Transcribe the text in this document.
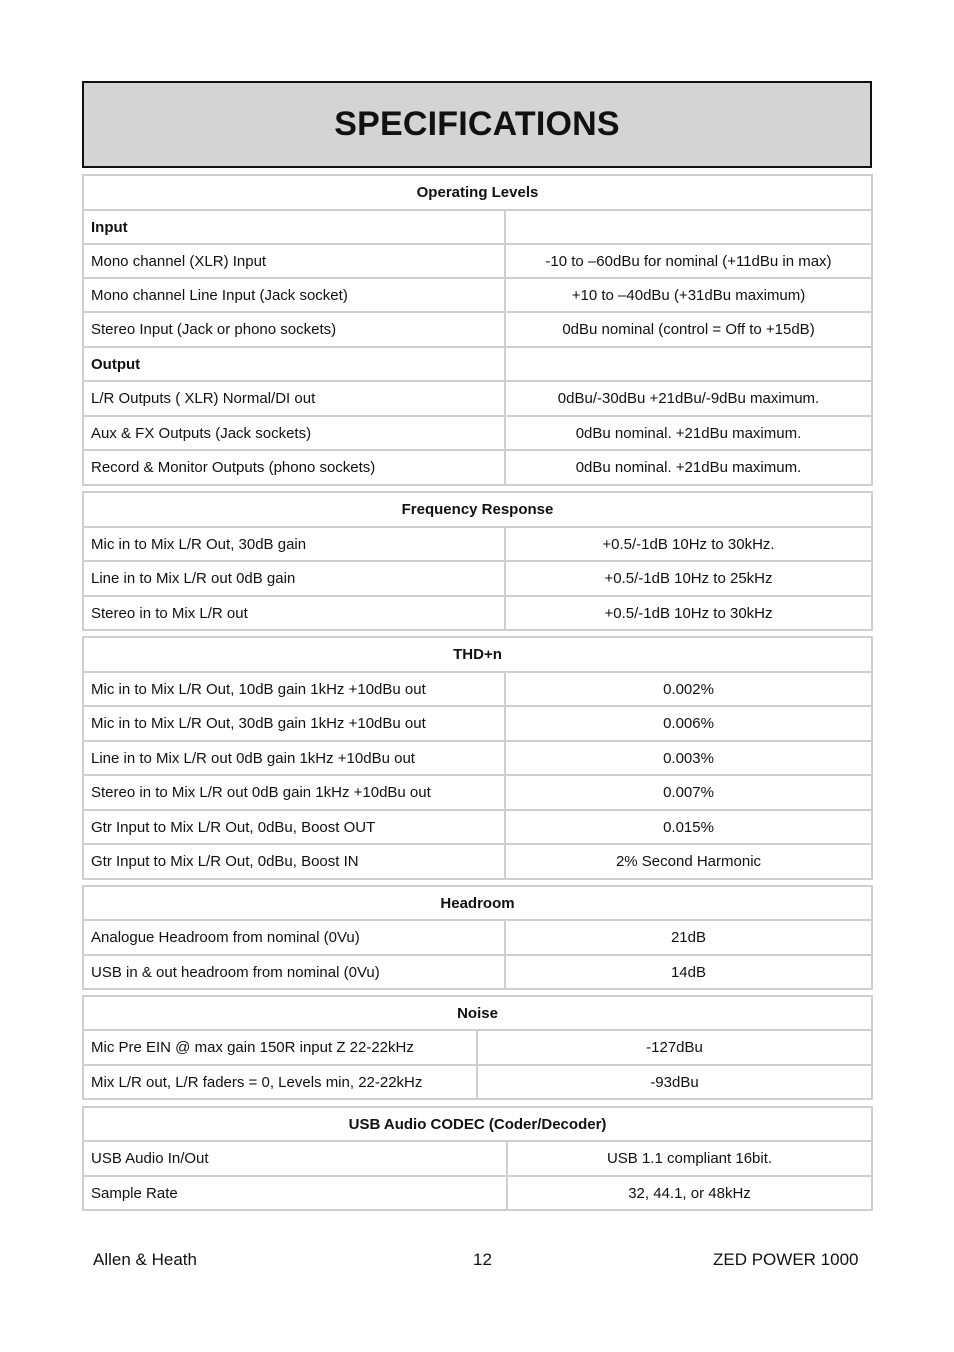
SPECIFICATIONS
Operating Levels	
Input	
Mono channel (XLR) Input	-10 to –60dBu for nominal (+11dBu in max)
Mono channel Line Input (Jack socket)	+10 to –40dBu (+31dBu maximum)
Stereo Input (Jack or phono sockets)	0dBu nominal (control = Off to +15dB)
Output	
L/R Outputs ( XLR) Normal/DI out	0dBu/-30dBu +21dBu/-9dBu maximum.
Aux & FX Outputs (Jack sockets)	0dBu nominal. +21dBu maximum.
Record & Monitor Outputs (phono sockets)	0dBu nominal. +21dBu maximum.
Frequency Response	
Mic in to Mix L/R Out, 30dB gain	+0.5/-1dB 10Hz to 30kHz.
Line in to Mix L/R out 0dB gain	+0.5/-1dB 10Hz to 25kHz
Stereo in to Mix L/R out	+0.5/-1dB 10Hz to 30kHz
THD+n	
Mic in to Mix L/R Out, 10dB gain 1kHz +10dBu out	0.002%
Mic in to Mix L/R Out, 30dB gain 1kHz +10dBu out	0.006%
Line in to Mix L/R out 0dB gain 1kHz +10dBu out	0.003%
Stereo in to Mix L/R out 0dB gain 1kHz +10dBu out	0.007%
Gtr Input to Mix L/R Out, 0dBu, Boost OUT	0.015%
Gtr Input to Mix L/R Out, 0dBu, Boost IN	2% Second Harmonic
Headroom	
Analogue Headroom from nominal (0Vu)	21dB
USB in & out headroom from nominal (0Vu)	14dB
Noise	
Mic Pre EIN @ max gain 150R input Z 22-22kHz	-127dBu
Mix L/R out, L/R faders = 0, Levels min, 22-22kHz	-93dBu
USB Audio CODEC (Coder/Decoder)	
USB Audio In/Out	USB 1.1 compliant 16bit.
Sample Rate	32, 44.1, or 48kHz
Allen & Heath	12	ZED POWER 1000
